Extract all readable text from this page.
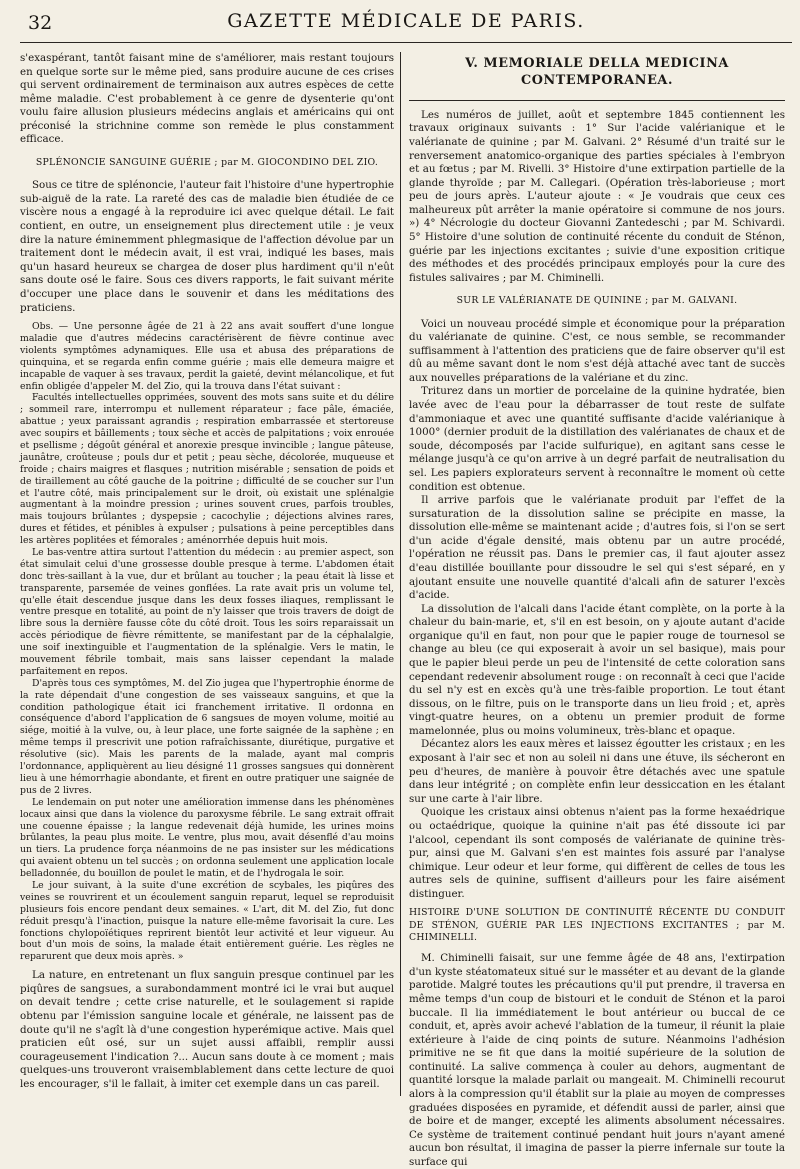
32	GAZETTE MÉDICALE DE PARIS.

s'exaspérant, tantôt faisant mine de s'améliorer, mais restant toujours en quelque sorte sur le même pied, sans produire aucune de ces crises qui servent ordinairement de terminaison aux autres espèces de cette même maladie. C'est probablement à ce genre de dysenterie qu'ont voulu faire allusion plusieurs médecins anglais et américains qui ont préconisé la strichnine comme son remède le plus constamment efficace.

SPLÉNONCIE SANGUINE GUÉRIE ; par M. GIOCONDINO DEL ZIO.

Sous ce titre de splénoncie, l'auteur fait l'histoire d'une hypertrophie sub-aiguë de la rate. La rareté des cas de maladie bien étudiée de ce viscère nous a engagé à la reproduire ici avec quelque détail. Le fait contient, en outre, un enseignement plus directement utile : je veux dire la nature éminemment phlegmasique de l'affection dévolue par un traitement dont le médecin avait, il est vrai, indiqué les bases, mais qu'un hasard heureux se chargea de doser plus hardiment qu'il n'eût sans doute osé le faire. Sous ces divers rapports, le fait suivant mérite d'occuper une place dans le souvenir et dans les méditations des praticiens.

Obs. — Une personne âgée de 21 à 22 ans avait souffert d'une longue maladie que d'autres médecins caractérisèrent de fièvre continue avec violents symptômes adynamiques. Elle usa et abusa des préparations de quinquina, et se regarda enfin comme guérie ; mais elle demeura maigre et incapable de vaquer à ses travaux, perdit la gaieté, devint mélancolique, et fut enfin obligée d'appeler M. del Zio, qui la trouva dans l'état suivant :

Facultés intellectuelles opprimées, souvent des mots sans suite et du délire ; sommeil rare, interrompu et nullement réparateur ; face pâle, émaciée, abattue ; yeux paraissant agrandis ; respiration embarrassée et stertoreuse avec soupirs et bâillements ; toux sèche et accès de palpitations ; voix enrouée et psellisme ; dégoût général et anorexie presque invincible ; langue pâteuse, jaunâtre, croûteuse ; pouls dur et petit ; peau sèche, décolorée, muqueuse et froide ; chairs maigres et flasques ; nutrition misérable ; sensation de poids et de tiraillement au côté gauche de la poitrine ; difficulté de se coucher sur l'un et l'autre côté, mais principalement sur le droit, où existait une splénalgie augmentant à la moindre pression ; urines souvent crues, parfois troubles, mais toujours brûlantes ; dyspepsie ; cacochylie ; déjections alvines rares, dures et fétides, et pénibles à expulser ; pulsations à peine perceptibles dans les artères poplitées et fémorales ; aménorrhée depuis huit mois.

Le bas-ventre attira surtout l'attention du médecin : au premier aspect, son état simulait celui d'une grossesse double presque à terme. L'abdomen était donc très-saillant à la vue, dur et brûlant au toucher ; la peau était là lisse et transparente, parsemée de veines gonflées. La rate avait pris un volume tel, qu'elle était descendue jusque dans les deux fosses iliaques, remplissant le ventre presque en totalité, au point de n'y laisser que trois travers de doigt de libre sous la dernière fausse côte du côté droit. Tous les soirs reparaissait un accès périodique de fièvre rémittente, se manifestant par de la céphalalgie, une soif inextinguible et l'augmentation de la splénalgie. Vers le matin, le mouvement fébrile tombait, mais sans laisser cependant la malade parfaitement en repos.

D'après tous ces symptômes, M. del Zio jugea que l'hypertrophie énorme de la rate dépendait d'une congestion de ses vaisseaux sanguins, et que la condition pathologique était ici franchement irritative. Il ordonna en conséquence d'abord l'application de 6 sangsues de moyen volume, moitié au siége, moitié à la vulve, ou, à leur place, une forte saignée de la saphène ; en même temps il prescrivit une potion rafraîchissante, diurétique, purgative et résolutive (sic). Mais les parents de la malade, ayant mal compris l'ordonnance, appliquèrent au lieu désigné 11 grosses sangsues qui donnèrent lieu à une hémorrhagie abondante, et firent en outre pratiquer une saignée de pus de 2 livres.

Le lendemain on put noter une amélioration immense dans les phénomènes locaux ainsi que dans la violence du paroxysme fébrile. Le sang extrait offrait une couenne épaisse ; la langue redevenait déjà humide, les urines moins brûlantes, la peau plus moite. Le ventre, plus mou, avait désenflé d'au moins un tiers. La prudence força néanmoins de ne pas insister sur les médications qui avaient obtenu un tel succès ; on ordonna seulement une application locale belladonnée, du bouillon de poulet le matin, et de l'hydrogala le soir.

Le jour suivant, à la suite d'une excrétion de scybales, les piqûres des veines se rouvrirent et un écoulement sanguin reparut, lequel se reproduisit plusieurs fois encore pendant deux semaines. « L'art, dit M. del Zio, fut donc réduit presqu'à l'inaction, puisque la nature elle-même favorisait la cure. Les fonctions chylopoïétiques reprirent bientôt leur activité et leur vigueur. Au bout d'un mois de soins, la malade était entièrement guérie. Les règles ne reparurent que deux mois après. »

La nature, en entretenant un flux sanguin presque continuel par les piqûres de sangsues, a surabondamment montré ici le vrai but auquel on devait tendre ; cette crise naturelle, et le soulagement si rapide obtenu par l'émission sanguine locale et générale, ne laissent pas de doute qu'il ne s'agît là d'une congestion hyperémique active. Mais quel praticien eût osé, sur un sujet aussi affaibli, remplir aussi courageusement l'indication ?... Aucun sans doute à ce moment ; mais quelques-uns trouveront vraisemblablement dans cette lecture de quoi les encourager, s'il le fallait, à imiter cet exemple dans un cas pareil.

V. MEMORIALE DELLA MEDICINA CONTEMPORANEA.

Les numéros de juillet, août et septembre 1845 contiennent les travaux originaux suivants : 1° Sur l'acide valérianique et le valérianate de quinine ; par M. Galvani. 2° Résumé d'un traité sur le renversement anatomico-organique des parties spéciales à l'embryon et au fœtus ; par M. Rivelli. 3° Histoire d'une extirpation partielle de la glande thyroïde ; par M. Callegari. (Opération très-laborieuse ; mort peu de jours après. L'auteur ajoute : « Je voudrais que ceux ces malheureux pût arrêter la manie opératoire si commune de nos jours. ») 4° Nécrologie du docteur Giovanni Zantedeschi ; par M. Schivardi. 5° Histoire d'une solution de continuité récente du conduit de Sténon, guérie par les injections excitantes ; suivie d'une exposition critique des méthodes et des procédés principaux employés pour la cure des fistules salivaires ; par M. Chiminelli.

SUR LE VALÉRIANATE DE QUININE ; par M. GALVANI.

Voici un nouveau procédé simple et économique pour la préparation du valérianate de quinine. C'est, ce nous semble, se recommander suffisamment à l'attention des praticiens que de faire observer qu'il est dû au même savant dont le nom s'est déjà attaché avec tant de succès aux nouvelles préparations de la valériane et du zinc.

Triturez dans un mortier de porcelaine de la quinine hydratée, bien lavée avec de l'eau pour la débarrasser de tout reste de sulfate d'ammoniaque et avec une quantité suffisante d'acide valérianique à 1000° (dernier produit de la distillation des valérianates de chaux et de soude, décomposés par l'acide sulfurique), en agitant sans cesse le mélange jusqu'à ce qu'on arrive à un degré parfait de neutralisation du sel. Les papiers explorateurs servent à reconnaître le moment où cette condition est obtenue.

Il arrive parfois que le valérianate produit par l'effet de la sursaturation de la dissolution saline se précipite en masse, la dissolution elle-même se maintenant acide ; d'autres fois, si l'on se sert d'un acide d'égale densité, mais obtenu par un autre procédé, l'opération ne réussit pas. Dans le premier cas, il faut ajouter assez d'eau distillée bouillante pour dissoudre le sel qui s'est séparé, en y ajoutant ensuite une nouvelle quantité d'alcali afin de saturer l'excès d'acide.

La dissolution de l'alcali dans l'acide étant complète, on la porte à la chaleur du bain-marie, et, s'il en est besoin, on y ajoute autant d'acide organique qu'il en faut, non pour que le papier rouge de tournesol se change au bleu (ce qui exposerait à avoir un sel basique), mais pour que le papier bleui perde un peu de l'intensité de cette coloration sans cependant redevenir absolument rouge : on reconnaît à ceci que l'acide du sel n'y est en excès qu'à une très-faible proportion. Le tout étant dissous, on le filtre, puis on le transporte dans un lieu froid ; et, après vingt-quatre heures, on a obtenu un premier produit de forme mamelonnée, plus ou moins volumineux, très-blanc et opaque.

Décantez alors les eaux mères et laissez égoutter les cristaux ; en les exposant à l'air sec et non au soleil ni dans une étuve, ils sécheront en peu d'heures, de manière à pouvoir être détachés avec une spatule dans leur intégrité ; on complète enfin leur dessiccation en les étalant sur une carte à l'air libre.

Quoique les cristaux ainsi obtenus n'aient pas la forme hexaédrique ou octaédrique, quoique la quinine n'ait pas été dissoute ici par l'alcool, cependant ils sont composés de valérianate de quinine très-pur, ainsi que M. Galvani s'en est maintes fois assuré par l'analyse chimique. Leur odeur et leur forme, qui diffèrent de celles de tous les autres sels de quinine, suffisent d'ailleurs pour les faire aisément distinguer.

HISTOIRE D'UNE SOLUTION DE CONTINUITÉ RÉCENTE DU CONDUIT DE STÉNON, GUÉRIE PAR LES INJECTIONS EXCITANTES ; par M. CHIMINELLI.

M. Chiminelli faisait, sur une femme âgée de 48 ans, l'extirpation d'un kyste stéatomateux situé sur le masséter et au devant de la glande parotide. Malgré toutes les précautions qu'il put prendre, il traversa en même temps d'un coup de bistouri et le conduit de Sténon et la paroi buccale. Il lia immédiatement le bout antérieur ou buccal de ce conduit, et, après avoir achevé l'ablation de la tumeur, il réunit la plaie extérieure à l'aide de cinq points de suture. Néanmoins l'adhésion primitive ne se fit que dans la moitié supérieure de la solution de continuité. La salive commença à couler au dehors, augmentant de quantité lorsque la malade parlait ou mangeait. M. Chiminelli recourut alors à la compression qu'il établit sur la plaie au moyen de compresses graduées disposées en pyramide, et défendit aussi de parler, ainsi que de boire et de manger, excepté les aliments absolument nécessaires. Ce système de traitement continué pendant huit jours n'ayant amené aucun bon résultat, il imagina de passer la pierre infernale sur toute la surface qui
